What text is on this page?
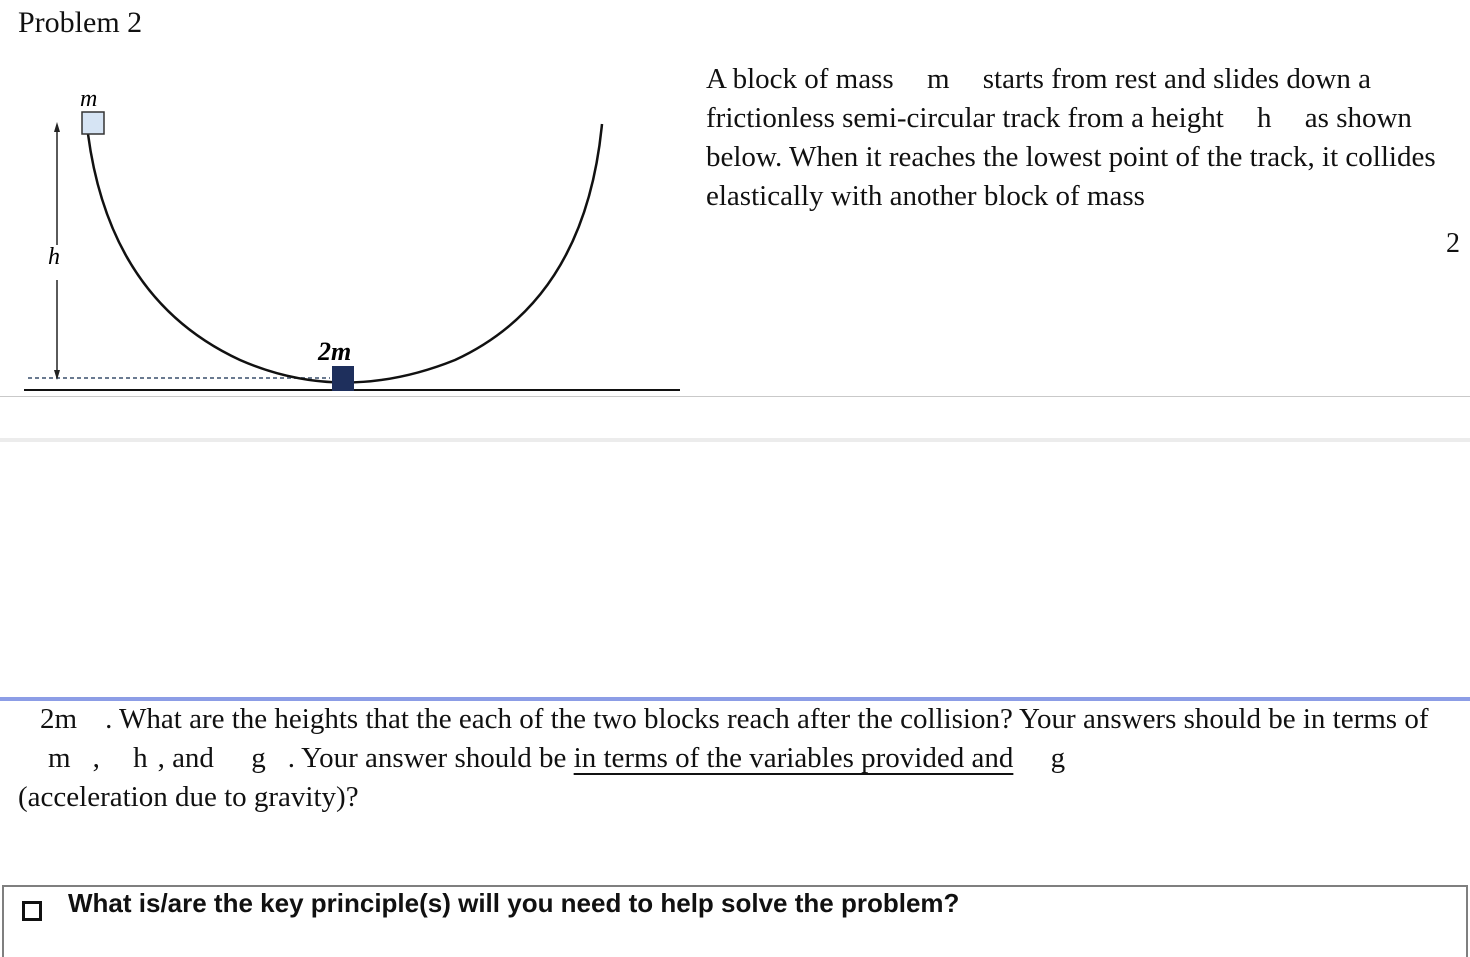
Problem 2
h
m
2m
A block of mass m starts from rest and slides down a frictionless semi-circular track from a height h as shown below. When it reaches the lowest point of the track, it collides elastically with another block of mass
2
2m . What are the heights that the each of the two blocks reach after the collision? Your answers should be in terms of m , h , and g . Your answer should be in terms of the variables provided and g
(acceleration due to gravity)?
What is/are the key principle(s) will you need to help solve the problem?
